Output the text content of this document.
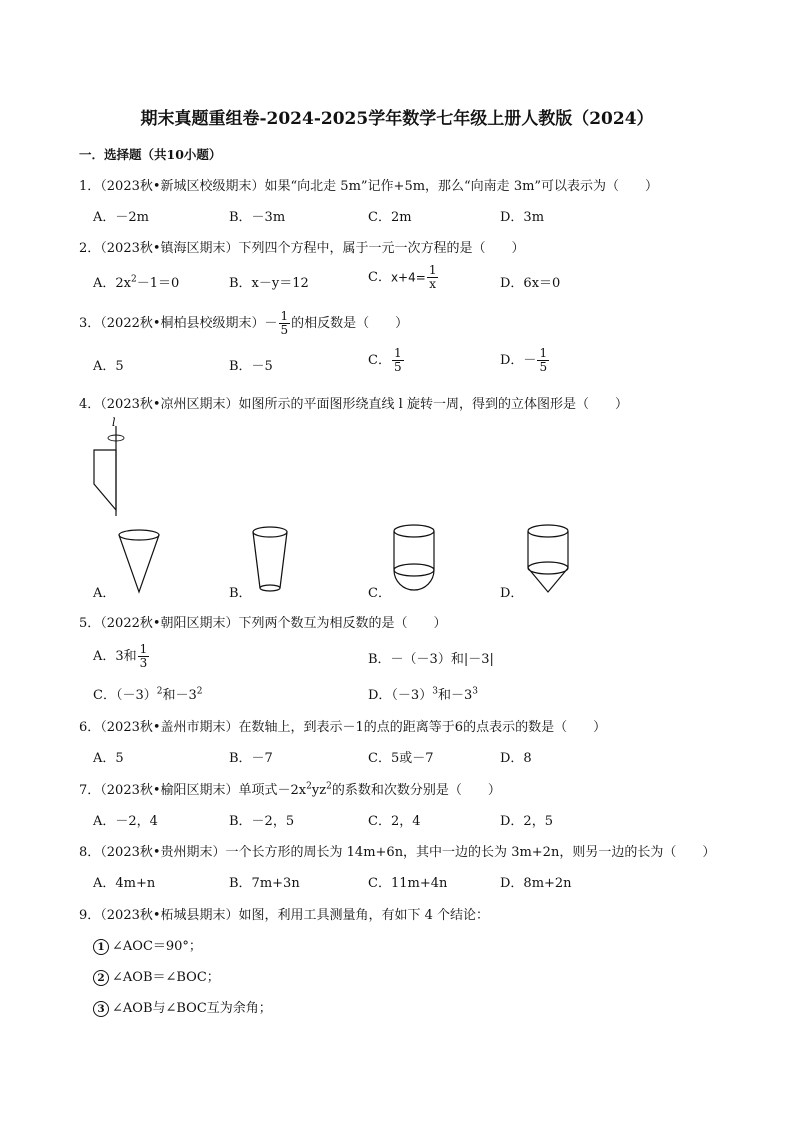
期末真题重组卷-2024-2025学年数学七年级上册人教版（2024）
一．选择题（共10小题）
1．（2023秋•新城区校级期末）如果“向北走 5m”记作+5m，那么“向南走 3m”可以表示为（　　）
A．－2m	B．－3m	C．2m	D．3m
2．（2023秋•镇海区期末）下列四个方程中，属于一元一次方程的是（　　）
A．$2x^2-1=0$	B．x－y＝12	C．$x+4= \frac{1}{x}$	D．6x＝0
3．（2022秋•桐柏县校级期末）－ $\frac{1}{5}$ 的相反数是（　　）
A．5	B．－5	C． $\frac{1}{5}$	D．－ $\frac{1}{5}$
4．（2023秋•凉州区期末）如图所示的平面图形绕直线 l 旋转一周，得到的立体图形是（　　）
l
A．	B．	C．	D．
5．（2022秋•朝阳区期末）下列两个数互为相反数的是（　　）
A．3和 $\frac{1}{3}$	B．－（－3）和|－3|
C．$(-3)^2$和$-3^2$	D．$(-3)^3$和$-3^3$
6．（2023秋•盖州市期末）在数轴上，到表示－1的点的距离等于6的点表示的数是（　　）
A．5	B．－7	C．5或－7	D．8
7．（2023秋•榆阳区期末）单项式$-2x^2yz^2$的系数和次数分别是（　　）
A．－2，4	B．－2，5	C．2，4	D．2，5
8．（2023秋•贵州期末）一个长方形的周长为 14m+6n，其中一边的长为 3m+2n，则另一边的长为（　　）
A．4m+n	B．7m+3n	C．11m+4n	D．8m+2n
9．（2023秋•柘城县期末）如图，利用工具测量角，有如下 4 个结论：
1 ∠AOC＝90°；
2 ∠AOB＝∠BOC；
3 ∠AOB与∠BOC互为余角；
